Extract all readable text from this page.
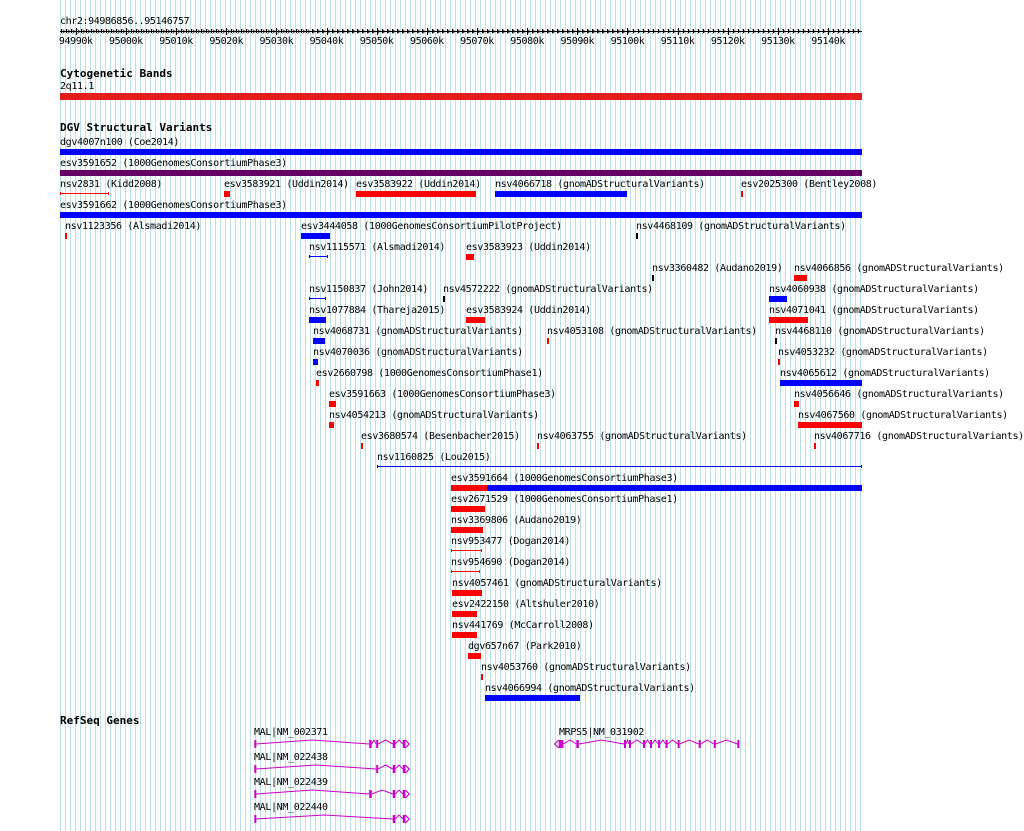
chr2:94986856..95146757
94990k 95000k 95010k 95020k 95030k 95040k 95050k 95060k 95070k 95080k 95090k 95100k 95110k 95120k 95130k 95140k
Cytogenetic Bands
2q11.1
DGV Structural Variants
dgv4007n100 (Coe2014)
esv3591652 (1000GenomesConsortiumPhase3)
nsv2831 (Kidd2008)	esv3583921 (Uddin2014) esv3583922 (Uddin2014) nsv4066718 (gnomADStructuralVariants)	esv2025300 (Bentley2008)
esv3591662 (1000GenomesConsortiumPhase3)
nsv1123356 (Alsmadi2014)	esv3444058 (1000GenomesConsortiumPilotProject)	nsv4468109 (gnomADStructuralVariants)
nsv1115571 (Alsmadi2014) esv3583923 (Uddin2014)
nsv3360482 (Audano2019) nsv4066856 (gnomADStructuralVariants)
nsv1150837 (John2014) nsv4572222 (gnomADStructuralVariants)	nsv4060938 (gnomADStructuralVariants)
nsv1077884 (Thareja2015) esv3583924 (Uddin2014)	nsv4071041 (gnomADStructuralVariants)
nsv4068731 (gnomADStructuralVariants) nsv4053108 (gnomADStructuralVariants) nsv4468110 (gnomADStructuralVariants)
nsv4070036 (gnomADStructuralVariants)	nsv4053232 (gnomADStructuralVariants)
esv2660798 (1000GenomesConsortiumPhase1)	nsv4065612 (gnomADStructuralVariants)
esv3591663 (1000GenomesConsortiumPhase3)	nsv4056646 (gnomADStructuralVariants)
nsv4054213 (gnomADStructuralVariants)	nsv4067560 (gnomADStructuralVariants)
esv3680574 (Besenbacher2015) nsv4063755 (gnomADStructuralVariants)	nsv4067716 (gnomADStructuralVariants)
nsv1160825 (Lou2015)
esv3591664 (1000GenomesConsortiumPhase3)
esv2671529 (1000GenomesConsortiumPhase1)
nsv3369806 (Audano2019)
nsv953477 (Dogan2014)
nsv954690 (Dogan2014)
nsv4057461 (gnomADStructuralVariants)
esv2422150 (Altshuler2010)
nsv441769 (McCarroll2008)
dgv657n67 (Park2010)
nsv4053760 (gnomADStructuralVariants)
nsv4066994 (gnomADStructuralVariants)
RefSeq Genes
MAL|NM_002371
MAL|NM_022438
MAL|NM_022439
MAL|NM_022440
MRPS5|NM_031902
